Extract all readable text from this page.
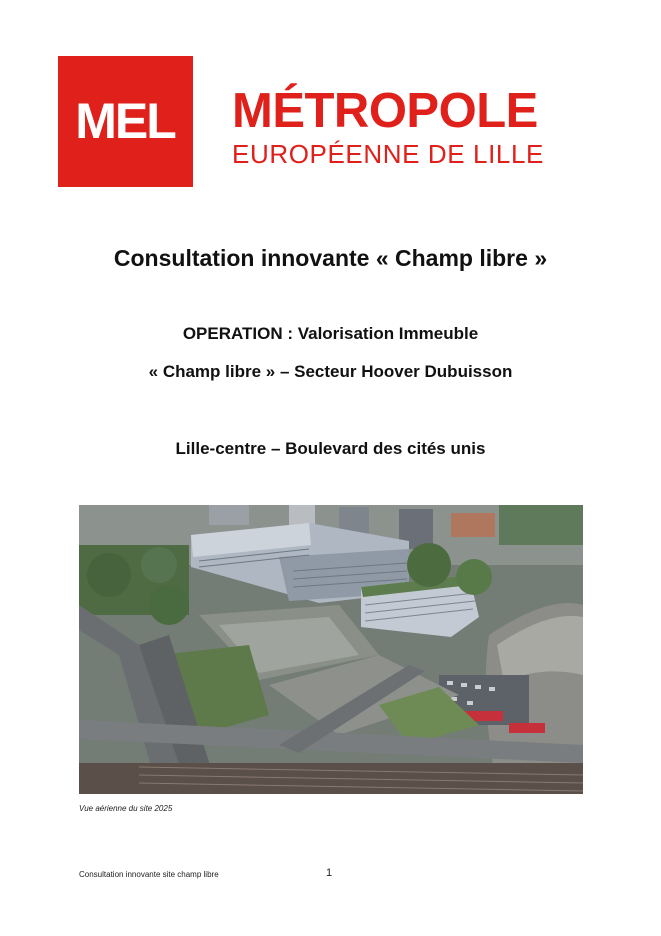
MEL MÉTROPOLE
EUROPÉENNE DE LILLE
Consultation innovante « Champ libre »
OPERATION : Valorisation Immeuble
« Champ libre » – Secteur Hoover Dubuisson
Lille-centre – Boulevard des cités unis
Vue aérienne du site 2025
Consultation innovante site champ libre	1
